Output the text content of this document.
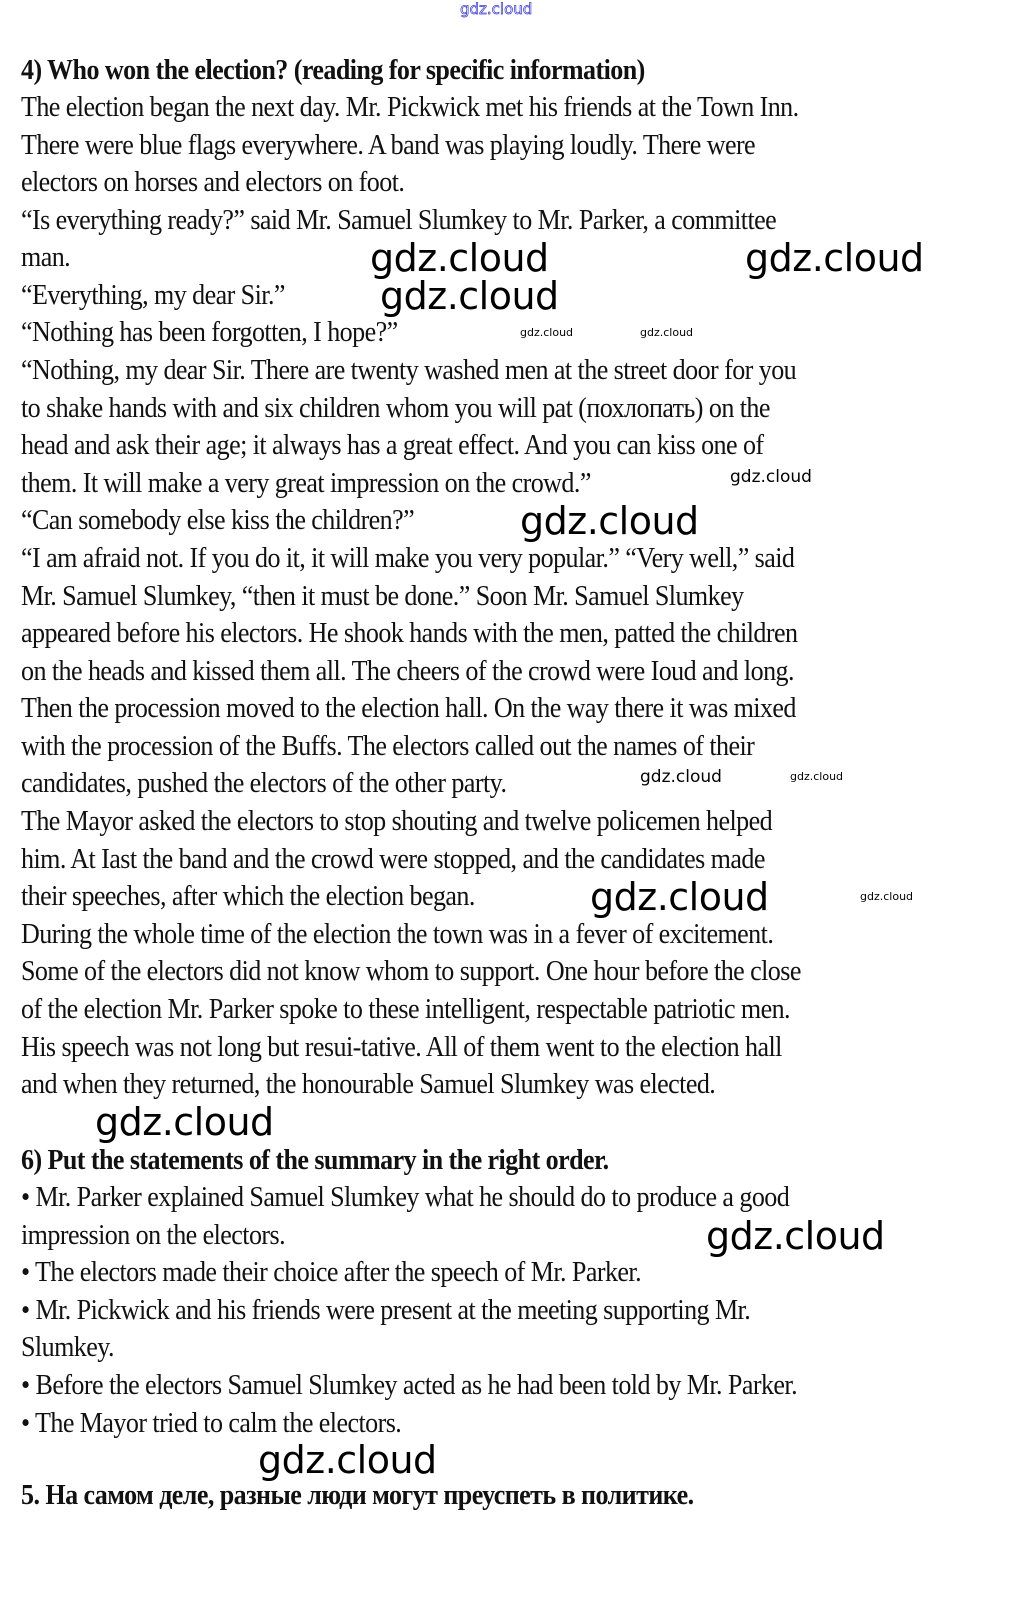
4) Who won the election? (reading for specific information)
The election began the next day. Mr. Pickwick met his friends at the Town Inn.
There were blue flags everywhere. A band was playing loudly. There were
electors on horses and electors on foot.
“Is everything ready?” said Mr. Samuel Slumkey to Mr. Parker, a committee
man.
“Everything, my dear Sir.”
“Nothing has been forgotten, I hope?”
“Nothing, my dear Sir. There are twenty washed men at the street door for you
to shake hands with and six children whom you will pat (похлопать) on the
head and ask their age; it always has a great effect. And you can kiss one of
them. It will make a very great impression on the crowd.”
“Can somebody else kiss the children?”
“I am afraid not. If you do it, it will make you very popular.” “Very well,” said
Mr. Samuel Slumkey, “then it must be done.” Soon Mr. Samuel Slumkey
appeared before his electors. He shook hands with the men, patted the children
on the heads and kissed them all. The cheers of the crowd were Ioud and long.
Then the procession moved to the election hall. On the way there it was mixed
with the procession of the Buffs. The electors called out the names of their
candidates, pushed the electors of the other party.
The Mayor asked the electors to stop shouting and twelve policemen helped
him. At Iast the band and the crowd were stopped, and the candidates made
their speeches, after which the election began.
During the whole time of the election the town was in a fever of excitement.
Some of the electors did not know whom to support. One hour before the close
of the election Mr. Parker spoke to these intelligent, respectable patriotic men.
His speech was not long but resui-tative. All of them went to the election hall
and when they returned, the honourable Samuel Slumkey was elected.
6) Put the statements of the summary in the right order.
• Mr. Parker explained Samuel Slumkey what he should do to produce a good
impression on the electors.
• The electors made their choice after the speech of Mr. Parker.
• Mr. Pickwick and his friends were present at the meeting supporting Mr.
Slumkey.
• Before the electors Samuel Slumkey acted as he had been told by Mr. Parker.
• The Mayor tried to calm the electors.
5. На самом деле, разные люди могут преуспеть в политике.
gdz.cloud
gdz.cloud	gdz.cloud
gdz.cloud
gdz.cloud	gdz.cloud
gdz.cloud
gdz.cloud
gdz.cloud	gdz.cloud
gdz.cloud	gdz.cloud
gdz.cloud
gdz.cloud
gdz.cloud
